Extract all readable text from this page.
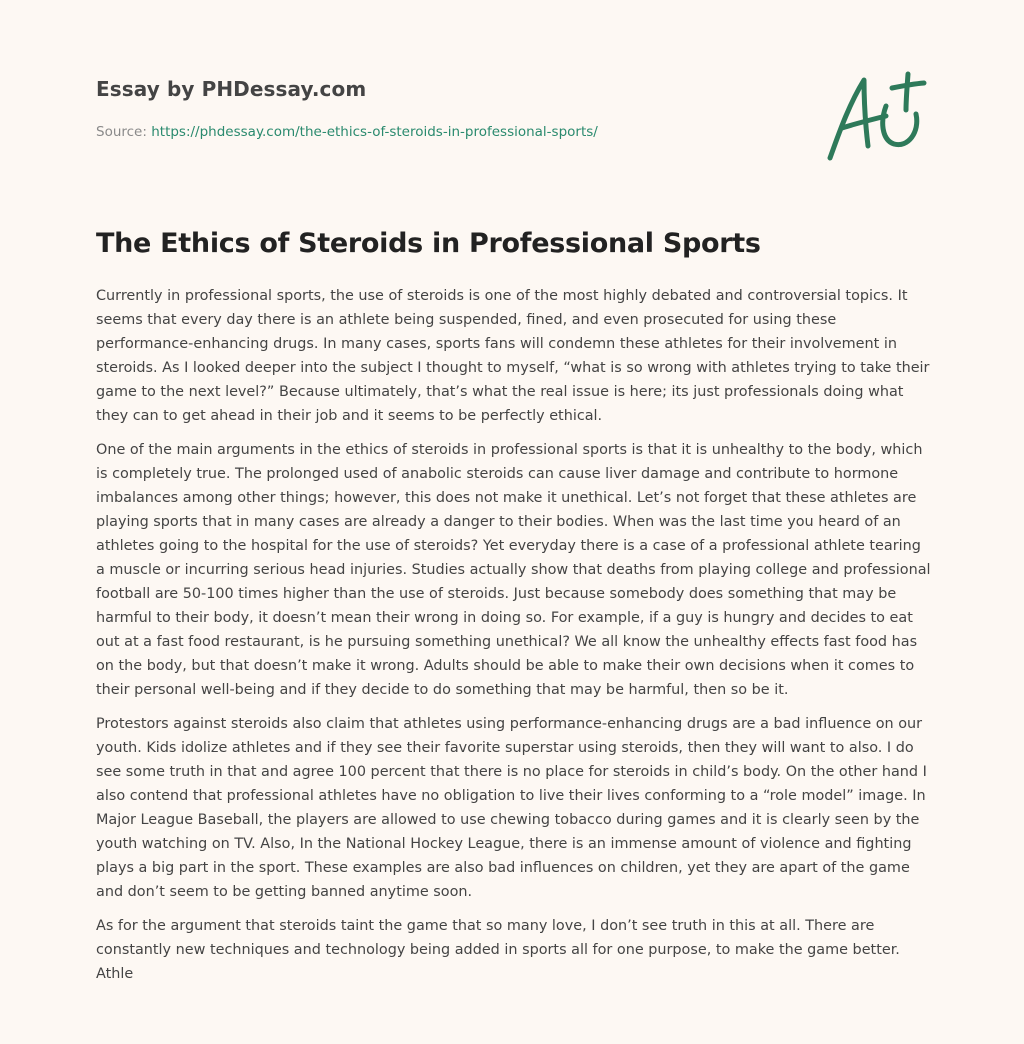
Essay by PHDessay.com
Source: https://phdessay.com/the-ethics-of-steroids-in-professional-sports/
The Ethics of Steroids in Professional Sports

Currently in professional sports, the use of steroids is one of the most highly debated and controversial topics. It seems that every day there is an athlete being suspended, fined, and even prosecuted for using these performance-enhancing drugs. In many cases, sports fans will condemn these athletes for their involvement in steroids. As I looked deeper into the subject I thought to myself, “what is so wrong with athletes trying to take their game to the next level?” Because ultimately, that’s what the real issue is here; its just professionals doing what they can to get ahead in their job and it seems to be perfectly ethical.

One of the main arguments in the ethics of steroids in professional sports is that it is unhealthy to the body, which is completely true. The prolonged used of anabolic steroids can cause liver damage and contribute to hormone imbalances among other things; however, this does not make it unethical. Let’s not forget that these athletes are playing sports that in many cases are already a danger to their bodies. When was the last time you heard of an athletes going to the hospital for the use of steroids? Yet everyday there is a case of a professional athlete tearing a muscle or incurring serious head injuries. Studies actually show that deaths from playing college and professional football are 50-100 times higher than the use of steroids. Just because somebody does something that may be harmful to their body, it doesn’t mean their wrong in doing so. For example, if a guy is hungry and decides to eat out at a fast food restaurant, is he pursuing something unethical? We all know the unhealthy effects fast food has on the body, but that doesn’t make it wrong. Adults should be able to make their own decisions when it comes to their personal well-being and if they decide to do something that may be harmful, then so be it.

Protestors against steroids also claim that athletes using performance-enhancing drugs are a bad influence on our youth. Kids idolize athletes and if they see their favorite superstar using steroids, then they will want to also. I do see some truth in that and agree 100 percent that there is no place for steroids in child’s body. On the other hand I also contend that professional athletes have no obligation to live their lives conforming to a “role model” image. In Major League Baseball, the players are allowed to use chewing tobacco during games and it is clearly seen by the youth watching on TV. Also, In the National Hockey League, there is an immense amount of violence and fighting plays a big part in the sport. These examples are also bad influences on children, yet they are apart of the game and don’t seem to be getting banned anytime soon.

As for the argument that steroids taint the game that so many love, I don’t see truth in this at all. There are constantly new techniques and technology being added in sports all for one purpose, to make the game better. Athle
